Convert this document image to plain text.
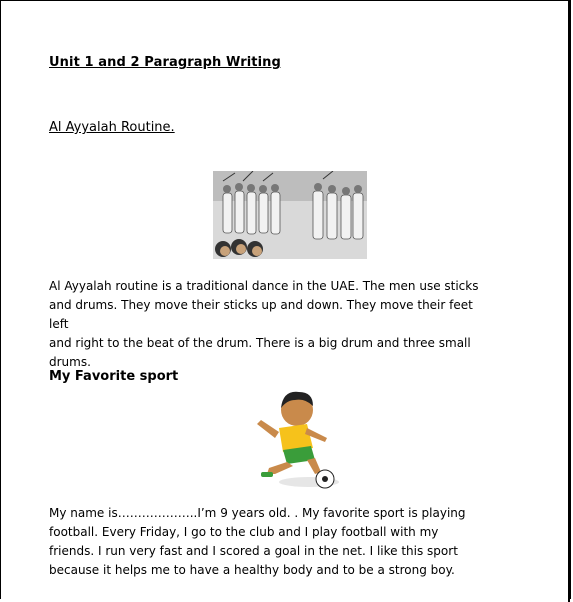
Unit 1 and 2 Paragraph Writing
Al Ayyalah Routine.
Al Ayyalah routine is a traditional dance in the UAE. The men use sticks
and drums. They move their sticks up and down. They move their feet left
and right to the beat of the drum. There is a big drum and three small
drums.
My Favorite sport
My name is………………..I’m 9 years old. . My favorite sport is playing
football. Every Friday, I go to the club and I play football with my
friends. I run very fast and I scored a goal in the net. I like this sport
because it helps me to have a healthy body and to be a strong boy.
